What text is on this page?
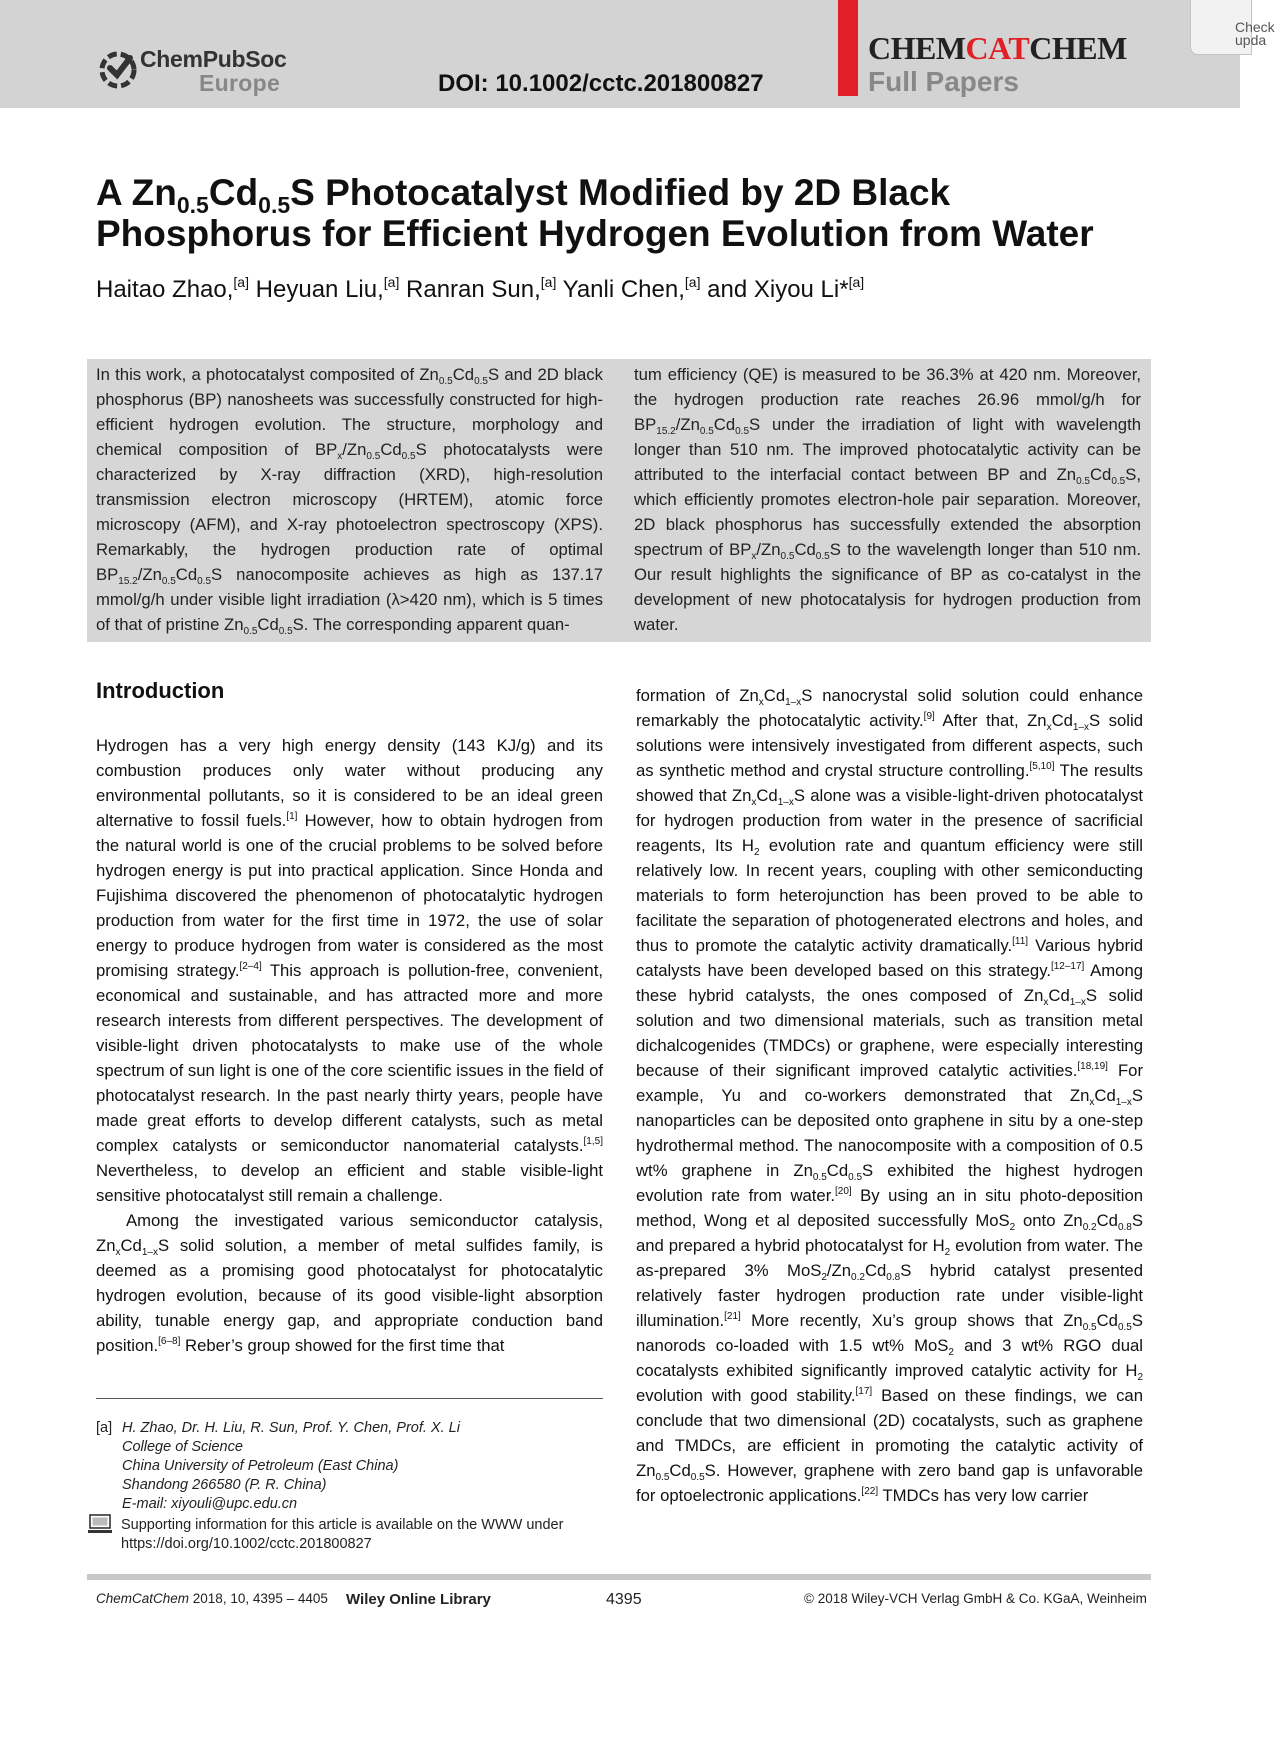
ChemPubSoc
Europe	DOI: 10.1002/cctc.201800827
CHEMCATCHEM
Full Papers
Check
upda
A $Zn_{0.5}Cd_{0.5}S$ Photocatalyst Modified by 2D Black
Phosphorus for Efficient Hydrogen Evolution from Water
Haitao Zhao,[a] Heyuan Liu,[a] Ranran Sun,[a] Yanli Chen,[a] and Xiyou Li*[a]
In this work, a photocatalyst composited of $Zn_{0.5}Cd_{0.5}S$ and 2D black phosphorus (BP) nanosheets was successfully constructed for high-efficient hydrogen evolution. The structure, morphology and chemical composition of $BP_x/Zn_{0.5}Cd_{0.5}S$ photocatalysts were characterized by X-ray diffraction (XRD), high-resolution transmission electron microscopy (HRTEM), atomic force microscopy (AFM), and X-ray photoelectron spectroscopy (XPS). Remarkably, the hydrogen production rate of optimal $BP_{15.2}/Zn_{0.5}Cd_{0.5}S$ nanocomposite achieves as high as 137.17 mmol/g/h under visible light irradiation (λ>420 nm), which is 5 times of that of pristine $Zn_{0.5}Cd_{0.5}S$. The corresponding apparent quan-
tum efficiency (QE) is measured to be 36.3% at 420 nm. Moreover, the hydrogen production rate reaches 26.96 mmol/g/h for $BP_{15.2}/Zn_{0.5}Cd_{0.5}S$ under the irradiation of light with wavelength longer than 510 nm. The improved photocatalytic activity can be attributed to the interfacial contact between BP and $Zn_{0.5}Cd_{0.5}S$, which efficiently promotes electron-hole pair separation. Moreover, 2D black phosphorus has successfully extended the absorption spectrum of $BP_x/Zn_{0.5}Cd_{0.5}S$ to the wavelength longer than 510 nm. Our result highlights the significance of BP as co-catalyst in the development of new photocatalysis for hydrogen production from water.
Introduction

Hydrogen has a very high energy density (143 KJ/g) and its combustion produces only water without producing any environmental pollutants, so it is considered to be an ideal green alternative to fossil fuels.[1] However, how to obtain hydrogen from the natural world is one of the crucial problems to be solved before hydrogen energy is put into practical application. Since Honda and Fujishima discovered the phenomenon of photocatalytic hydrogen production from water for the first time in 1972, the use of solar energy to produce hydrogen from water is considered as the most promising strategy.[2–4] This approach is pollution-free, convenient, economical and sustainable, and has attracted more and more research interests from different perspectives. The development of visible-light driven photocatalysts to make use of the whole spectrum of sun light is one of the core scientific issues in the field of photocatalyst research. In the past nearly thirty years, people have made great efforts to develop different catalysts, such as metal complex catalysts or semiconductor nanomaterial catalysts.[1,5] Nevertheless, to develop an efficient and stable visible-light sensitive photocatalyst still remain a challenge.

Among the investigated various semiconductor catalysis, $Zn_xCd_{1-x}S$ solid solution, a member of metal sulfides family, is deemed as a promising good photocatalyst for photocatalytic hydrogen evolution, because of its good visible-light absorption ability, tunable energy gap, and appropriate conduction band position.[6–8] Reber’s group showed for the first time that

formation of $Zn_xCd_{1-x}S$ nanocrystal solid solution could enhance remarkably the photocatalytic activity.[9] After that, $Zn_xCd_{1-x}S$ solid solutions were intensively investigated from different aspects, such as synthetic method and crystal structure controlling.[5,10] The results showed that $Zn_xCd_{1-x}S$ alone was a visible-light-driven photocatalyst for hydrogen production from water in the presence of sacrificial reagents, Its $H_2$ evolution rate and quantum efficiency were still relatively low. In recent years, coupling with other semiconducting materials to form heterojunction has been proved to be able to facilitate the separation of photogenerated electrons and holes, and thus to promote the catalytic activity dramatically.[11] Various hybrid catalysts have been developed based on this strategy.[12–17] Among these hybrid catalysts, the ones composed of $Zn_xCd_{1-x}S$ solid solution and two dimensional materials, such as transition metal dichalcogenides (TMDCs) or graphene, were especially interesting because of their significant improved catalytic activities.[18,19] For example, Yu and co-workers demonstrated that $Zn_xCd_{1-x}S$ nanoparticles can be deposited onto graphene in situ by a one-step hydrothermal method. The nanocomposite with a composition of 0.5 wt% graphene in $Zn_{0.5}Cd_{0.5}S$ exhibited the highest hydrogen evolution rate from water.[20] By using an in situ photo-deposition method, Wong et al deposited successfully MoS$_2$ onto $Zn_{0.2}Cd_{0.8}S$ and prepared a hybrid photocatalyst for $H_2$ evolution from water. The as-prepared 3% $MoS_2/Zn_{0.2}Cd_{0.8}S$ hybrid catalyst presented relatively faster hydrogen production rate under visible-light illumination.[21] More recently, Xu’s group shows that $Zn_{0.5}Cd_{0.5}S$ nanorods co-loaded with 1.5 wt% MoS$_2$ and 3 wt% RGO dual cocatalysts exhibited significantly improved catalytic activity for $H_2$ evolution with good stability.[17] Based on these findings, we can conclude that two dimensional (2D) cocatalysts, such as graphene and TMDCs, are efficient in promoting the catalytic activity of $Zn_{0.5}Cd_{0.5}S$. However, graphene with zero band gap is unfavorable for optoelectronic applications.[22] TMDCs has very low carrier

[a] H. Zhao, Dr. H. Liu, R. Sun, Prof. Y. Chen, Prof. X. Li
College of Science
China University of Petroleum (East China)
Shandong 266580 (P. R. China)
E-mail: xiyouli@upc.edu.cn
Supporting information for this article is available on the WWW under https://doi.org/10.1002/cctc.201800827
ChemCatChem 2018, 10, 4395 – 4405 Wiley Online Library	4395	© 2018 Wiley-VCH Verlag GmbH & Co. KGaA, Weinheim
